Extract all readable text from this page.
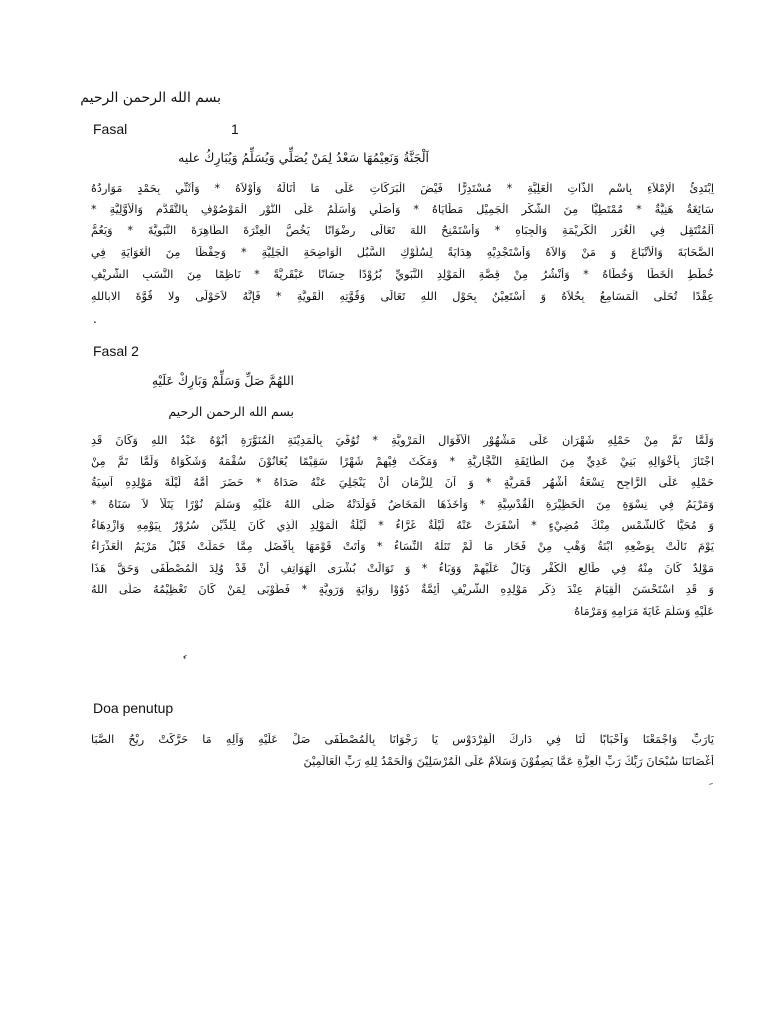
بسم الله الرحمن الرحيم
Fasal	1
اَلْجَنَّةُ وَنَعِيْمُهَا سَعْدُ لِمَنْ يُصَلِّي وَيُسَلِّمُ وَيُبَارِكُ عليه
اِبْتَدِئُ الْإِمْلاَءِ بِاسْمِ الذَّاتِ الْعَلِيَّةِ * مُسْتَدِرًّا فَيْضَ الْبَرَكَاتِ عَلَى مَا أَنَالَهُ وَأَوْلاَهُ * وَأُثَنِّي بِحَمْدٍ مَوَارِدُهُ
سَائِغَةٌ هَنِيَّةٌ * مُمْتَطِيًّا مِنَ الشُّكْرِ الْجَمِيْلِ مَطَايَاهُ * وَأُصَلِّي وَأُسَلِّمُ عَلَى النُّوْرِ الْمَوْصُوْفِ بِالتَّقَدُّمِ وَالْأَوَّلِيَّةِ *
اَلْمُنْتَقِلِ فِي الْغُرَرِ الْكَرِيْمَةِ وَالْجِبَاهِ * وَأَسْتَمْنِحُ اللهَ تَعَالَى رِضْوَانًا يَخُصُّ الْعِتْرَةَ الطَّاهِرَةَ النَّبَوِيَّةَ * وَيَعُمُّ
الصَّحَابَةَ وَالْأَتْبَاعَ وَ مَنْ وَالاَهُ وَأَسْتَجْدِيْهِ هِدَايَةً لِسُلُوْكِ السُّبُلِ الْوَاضِحَةِ الْجَلِيَّةِ * وَحِفْظًا مِنَ الْغَوَايَةِ فِي
خُطَطِ الْخَطَا وَخُطَاهُ * وَأَنْشُرُ مِنْ قِصَّةِ الْمَوْلِدِ النَّبَوِيِّ بُرُوْدًا حِسَانًا عَبْقَرِيَّةً * نَاظِمًا مِنَ النَّسَبِ الشَّرِيْفِ
عِقْدًا تُحَلَّى الْمَسَامِعُ بِحُلاَهُ وَ أَسْتَعِيْنُ بِحَوْلِ اللهِ تَعَالَى وَقُوَّتِهِ الْقَوِيَّةِ * فَإِنَّهُ لاَحَوْلَى ولا قُوَّةَ الاباللهِ
.
Fasal 2
اللهُمَّ صَلِّ وَسَلِّمْ وَبَارِكْ عَلَيْهِ
بسم الله الرحمن الرحيم
وَلَمَّا تَمَّ مِنْ حَمْلِهِ شَهْرَانِ عَلَى مَشْهُوْرِ الْأَقْوَالِ الْمَرْوِيَّةِ * تُوُفِّيَ بِالْمَدِيْنَةِ الْمُنَوَّرَةِ أَبُوْهُ عَبْدُ اللهِ وَكَانَ قَدِ
اجْتَازَ بِأَخْوَالِهِ بَنِيْ عَدِيِّ مِنَ الطَّائِفَةِ النَّجَّارِيَّةِ * وَمَكَثَ فِيْهِمْ شَهْرًا سَقِيْمًا يُعَانُوْنَ سُقْمَهُ وَشَكْوَاهُ وَلَمَّا تَمَّ مِنْ
حَمْلِهِ عَلَى الرَّاجِحِ تِسْعَةُ أَشْهُرٍ قَمَرِيَّةٍ * وَ آنَ لِلزَّمَانِ أَنْ يَنْجَلِيَ عَنْهُ صَدَاهُ * حَضَرَ أُمَّهُ لَيْلَةَ مَوْلِدِهِ آسِيَةُ
وَمَرْيَمُ فِي نِسْوَةٍ مِنَ الْحَظِيْرَةِ الْقُدْسِيَّةِ * وَأَخَذَهَا الْمَخَاضُ فَوَلَدَتْهُ صَلَّى اللهُ عَلَيْهِ وَسَلَّمَ نُوْرًا يَتَلَأْ لاَ سَنَاهُ *
وَ مُحَيًّا كَالشَّمْسِ مِنْكَ مُضِيْءٍ * أَسْفَرَتْ عَنْهُ لَيْلَةٌ غَرَّاءُ * لَيْلَةُ الْمَوْلِدِ الَّذِي كَانَ لِلدِّيْنِ سُرُوْرٌ بِيَوْمِهِ وَازْدِهَاءُ
يَوْمَ نَالَتْ بِوَضْعِهِ ابْنَةُ وَهْبٍ مِنْ فَخَارٍ مَا لَمْ تَنَلْهُ النِّسَاءُ * وَأَتَتْ قَوْمَهَا بِأَفْضَلِ مِمَّا حَمَلَتْ قَبْلُ مَرْيَمُ الْعَذْرَاءُ
مَوْلِدٌ كَانَ مِنْهُ فِي طَالِعِ الْكُفْرِ وَبَالٌ عَلَيْهِمْ وَوَبَاءُ * وَ تَوَالَتْ بُشْرَى الْهَوَاتِفِ أَنْ قَدْ وُلِدَ الْمُصْطَفَى وَحَقَّ هَذَا
وَ قَدِ اسْتَحْسَنَ الْقِيَامَ عِنْدَ ذِكْرِ مَوْلِدِهِ الشَّرِيْفِ أَئِمَّةٌ ذَوُوْا رِوَايَةٍ وَرَوِيَّةٍ * فَطُوْبَى لِمَنْ كَانَ تَعْظِيْمُهُ صَلَّى اللهُ
عَلَيْهِ وَسَلَّمَ غَايَةَ مَرَامِهِ وَمَرْمَاهُ
Doa penutup
يَارَبِّ وَاجْمَعْنَا وَأَحْبَابًا لَنَا فِي دَارِكَ الْفِرْدَوْسِ يَا رَجْوَانَا بِالْمُصْطَفَى صَلِّ عَلَيْهِ وَآلِهِ مَا حَرَّكَتْ رِيْحُ الصَّبَا
أَغْصَانَنَا سُبْحَانَ رَبِّكَ رَبِّ الْعِزَّةِ عَمَّا يَصِفُوْنَ وَسَلاَمٌ عَلَى الْمُرْسَلِيْنَ وَالْحَمْدُ لِلهِ رَبِّ الْعَالَمِيْنَ
